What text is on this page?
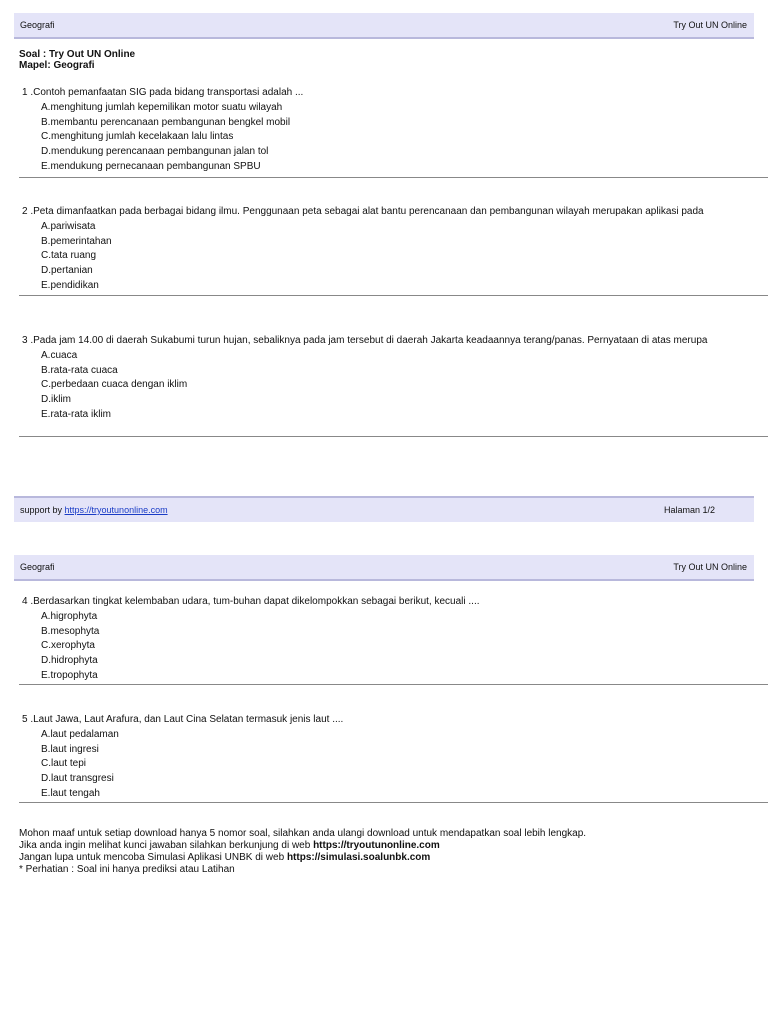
Geografi	Try Out UN Online
Soal : Try Out UN Online
Mapel: Geografi
1 .Contoh pemanfaatan SIG pada bidang transportasi adalah ...
A.menghitung jumlah kepemilikan motor suatu wilayah
B.membantu perencanaan pembangunan bengkel mobil
C.menghitung jumlah kecelakaan lalu lintas
D.mendukung perencanaan pembangunan jalan tol
E.mendukung pernecanaan pembangunan SPBU
2 .Peta dimanfaatkan pada berbagai bidang ilmu. Penggunaan peta sebagai alat bantu perencanaan dan pembangunan wilayah merupakan aplikasi pada
A.pariwisata
B.pemerintahan
C.tata ruang
D.pertanian
E.pendidikan
3 .Pada jam 14.00 di daerah Sukabumi turun hujan, sebaliknya pada jam tersebut di daerah Jakarta keadaannya terang/panas. Pernyataan di atas merupa
A.cuaca
B.rata-rata cuaca
C.perbedaan cuaca dengan iklim
D.iklim
E.rata-rata iklim
support by https://tryoutunonline.com	Halaman 1/2
Geografi	Try Out UN Online
4 .Berdasarkan tingkat kelembaban udara, tum-buhan dapat dikelompokkan sebagai berikut, kecuali ....
A.higrophyta
B.mesophyta
C.xerophyta
D.hidrophyta
E.tropophyta
5 .Laut Jawa, Laut Arafura, dan Laut Cina Selatan termasuk jenis laut ....
A.laut pedalaman
B.laut ingresi
C.laut tepi
D.laut transgresi
E.laut tengah
Mohon maaf untuk setiap download hanya 5 nomor soal, silahkan anda ulangi download untuk mendapatkan soal lebih lengkap.
Jika anda ingin melihat kunci jawaban silahkan berkunjung di web https://tryoutunonline.com
Jangan lupa untuk mencoba Simulasi Aplikasi UNBK di web https://simulasi.soalunbk.com
* Perhatian : Soal ini hanya prediksi atau Latihan
